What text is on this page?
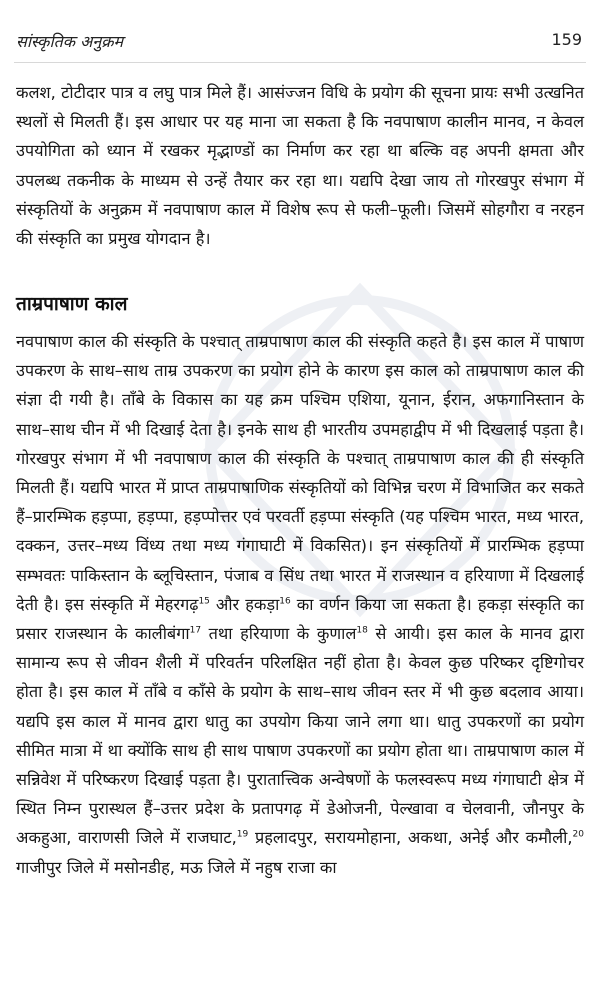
सांस्कृतिक अनुक्रम	159

कलश, टोटीदार पात्र व लघु पात्र मिले हैं। आसंज्जन विधि के प्रयोग की सूचना प्रायः सभी उत्खनित स्थलों से मिलती हैं। इस आधार पर यह माना जा सकता है कि नवपाषाण कालीन मानव, न केवल उपयोगिता को ध्यान में रखकर मृद्भाण्डों का निर्माण कर रहा था बल्कि वह अपनी क्षमता और उपलब्ध तकनीक के माध्यम से उन्हें तैयार कर रहा था। यद्यपि देखा जाय तो गोरखपुर संभाग में संस्कृतियों के अनुक्रम में नवपाषाण काल में विशेष रूप से फली–फूली। जिसमें सोहगौरा व नरहन की संस्कृति का प्रमुख योगदान है।

ताम्रपाषाण काल

नवपाषाण काल की संस्कृति के पश्चात् ताम्रपाषाण काल की संस्कृति कहते है। इस काल में पाषाण उपकरण के साथ–साथ ताम्र उपकरण का प्रयोग होने के कारण इस काल को ताम्रपाषाण काल की संज्ञा दी गयी है। ताँबे के विकास का यह क्रम पश्चिम एशिया, यूनान, ईरान, अफगानिस्तान के साथ–साथ चीन में भी दिखाई देता है। इनके साथ ही भारतीय उपमहाद्वीप में भी दिखलाई पड़ता है। गोरखपुर संभाग में भी नवपाषाण काल की संस्कृति के पश्चात् ताम्रपाषाण काल की ही संस्कृति मिलती हैं। यद्यपि भारत में प्राप्त ताम्रपाषाणिक संस्कृतियों को विभिन्न चरण में विभाजित कर सकते हैं–प्रारम्भिक हड़प्पा, हड़प्पा, हड़प्पोत्तर एवं परवर्ती हड़प्पा संस्कृति (यह पश्चिम भारत, मध्य भारत, दक्कन, उत्तर–मध्य विंध्य तथा मध्य गंगाघाटी में विकसित)। इन संस्कृतियों में प्रारम्भिक हड़प्पा सम्भवतः पाकिस्तान के ब्लूचिस्तान, पंजाब व सिंध तथा भारत में राजस्थान व हरियाणा में दिखलाई देती है। इस संस्कृति में मेहरगढ़$^{15}$ और हकड़ा$^{16}$ का वर्णन किया जा सकता है। हकड़ा संस्कृति का प्रसार राजस्थान के कालीबंगा$^{17}$ तथा हरियाणा के कुणाल$^{18}$ से आयी। इस काल के मानव द्वारा सामान्य रूप से जीवन शैली में परिवर्तन परिलक्षित नहीं होता है। केवल कुछ परिष्कर दृष्टिगोचर होता है। इस काल में ताँबे व काँसे के प्रयोग के साथ–साथ जीवन स्तर में भी कुछ बदलाव आया। यद्यपि इस काल में मानव द्वारा धातु का उपयोग किया जाने लगा था। धातु उपकरणों का प्रयोग सीमित मात्रा में था क्योंकि साथ ही साथ पाषाण उपकरणों का प्रयोग होता था। ताम्रपाषाण काल में सन्निवेश में परिष्करण दिखाई पड़ता है। पुरातात्त्विक अन्वेषणों के फलस्वरूप मध्य गंगाघाटी क्षेत्र में स्थित निम्न पुरास्थल हैं–उत्तर प्रदेश के प्रतापगढ़ में डेओजनी, पेल्खावा व चेलवानी, जौनपुर के अकहुआ, वाराणसी जिले में राजघाट,$^{19}$ प्रहलादपुर, सरायमोहाना, अकथा, अनेई और कमौली,$^{20}$ गाजीपुर जिले में मसोनडीह, मऊ जिले में नहुष राजा का
